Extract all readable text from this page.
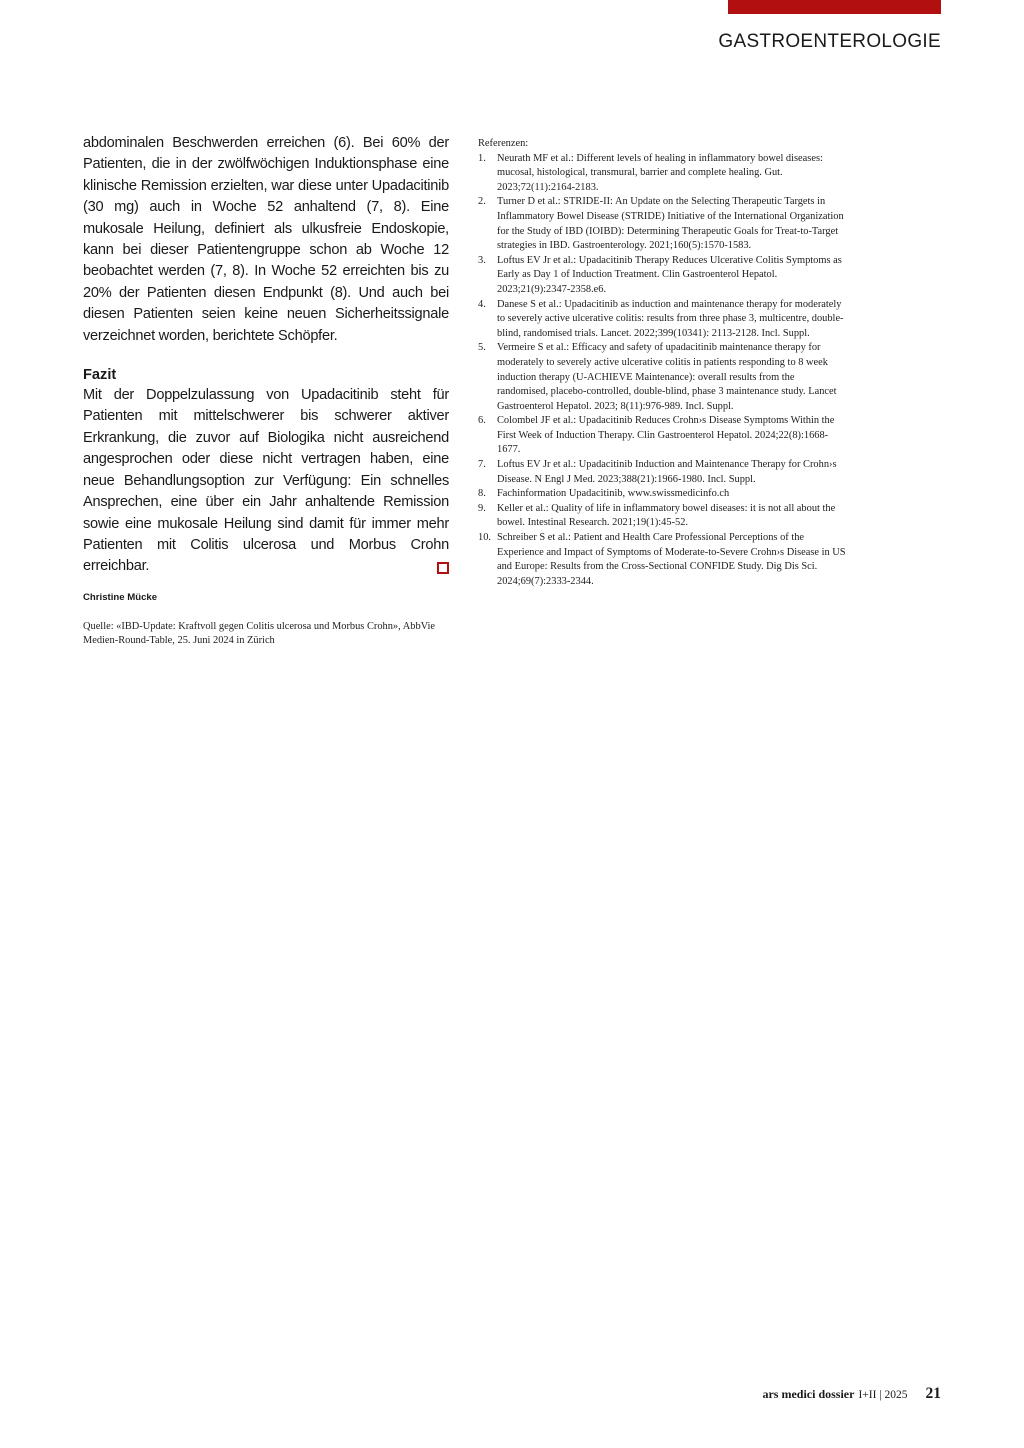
GASTROENTEROLOGIE

abdominalen Beschwerden erreichen (6). Bei 60% der Patienten, die in der zwölfwöchigen Induktionsphase eine klinische Remission erzielten, war diese unter Upadacitinib (30 mg) auch in Woche 52 anhaltend (7, 8). Eine mukosale Heilung, definiert als ulkusfreie Endoskopie, kann bei dieser Patientengruppe schon ab Woche 12 beobachtet werden (7, 8). In Woche 52 erreichten bis zu 20% der Patienten diesen Endpunkt (8). Und auch bei diesen Patienten seien keine neuen Sicherheitssignale verzeichnet worden, berichtete Schöpfer.

Fazit

Mit der Doppelzulassung von Upadacitinib steht für Patienten mit mittelschwerer bis schwerer aktiver Erkrankung, die zuvor auf Biologika nicht ausreichend angesprochen oder diese nicht vertragen haben, eine neue Behandlungsoption zur Verfügung: Ein schnelles Ansprechen, eine über ein Jahr anhaltende Remission sowie eine mukosale Heilung sind damit für immer mehr Patienten mit Colitis ulcerosa und Morbus Crohn erreichbar.

Christine Mücke

Quelle: «IBD-Update: Kraftvoll gegen Colitis ulcerosa und Morbus Crohn», AbbVie Medien-Round-Table, 25. Juni 2024 in Zürich

Referenzen:
1.	Neurath MF et al.: Different levels of healing in inflammatory bowel diseases: mucosal, histological, transmural, barrier and complete healing. Gut. 2023;72(11):2164-2183.
2.	Turner D et al.: STRIDE-II: An Update on the Selecting Therapeutic Targets in Inflammatory Bowel Disease (STRIDE) Initiative of the International Organization for the Study of IBD (IOIBD): Determining Therapeutic Goals for Treat-to-Target strategies in IBD. Gastroenterology. 2021;160(5):1570-1583.
3.	Loftus EV Jr et al.: Upadacitinib Therapy Reduces Ulcerative Colitis Symptoms as Early as Day 1 of Induction Treatment. Clin Gastroenterol Hepatol. 2023;21(9):2347-2358.e6.
4.	Danese S et al.: Upadacitinib as induction and maintenance therapy for moderately to severely active ulcerative colitis: results from three phase 3, multicentre, double-blind, randomised trials. Lancet. 2022;399(10341): 2113-2128. Incl. Suppl.
5.	Vermeire S et al.: Efficacy and safety of upadacitinib maintenance therapy for moderately to severely active ulcerative colitis in patients responding to 8 week induction therapy (U-ACHIEVE Maintenance): overall results from the randomised, placebo-controlled, double-blind, phase 3 maintenance study. Lancet Gastroenterol Hepatol. 2023; 8(11):976-989. Incl. Suppl.
6.	Colombel JF et al.: Upadacitinib Reduces Crohn›s Disease Symptoms Within the First Week of Induction Therapy. Clin Gastroenterol Hepatol. 2024;22(8):1668-1677.
7.	Loftus EV Jr et al.: Upadacitinib Induction and Maintenance Therapy for Crohn›s Disease. N Engl J Med. 2023;388(21):1966-1980. Incl. Suppl.
8.	Fachinformation Upadacitinib, www.swissmedicinfo.ch
9.	Keller et al.: Quality of life in inflammatory bowel diseases: it is not all about the bowel. Intestinal Research. 2021;19(1):45-52.
10. Schreiber S et al.: Patient and Health Care Professional Perceptions of the Experience and Impact of Symptoms of Moderate-to-Severe Crohn›s Disease in US and Europe: Results from the Cross-Sectional CONFIDE Study. Dig Dis Sci. 2024;69(7):2333-2344.
ars medici dossier I+II | 2025 21
